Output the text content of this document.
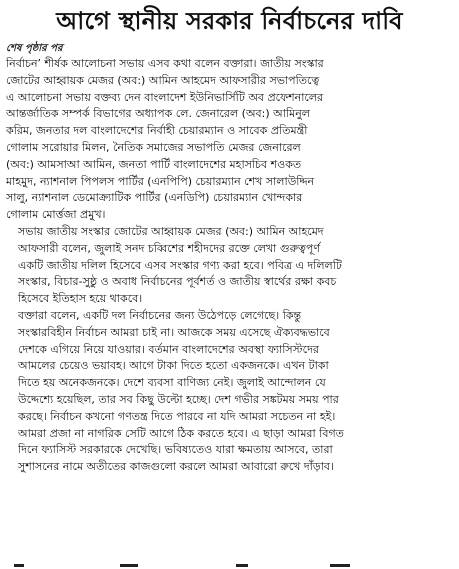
আগে স্থানীয় সরকার নির্বাচনের দাবি
শেষ পৃষ্ঠার পর
নির্বাচন’ শীর্ষক আলোচনা সভায় এসব কথা বলেন বক্তারা। জাতীয় সংস্কার
জোটের আহ্বায়ক মেজর (অব:) আমিন আহমেদ আফসারীর সভাপতিত্বে
এ আলোচনা সভায় বক্তব্য দেন বাংলাদেশ ইউনিভার্সিটি অব প্রফেশনালের
আন্তর্জাতিক সম্পর্ক বিভাগের অধ্যাপক লে. জেনারেল (অব:) আমিনুল
করিম, জনতার দল বাংলাদেশের নির্বাহী চেয়ারম্যান ও সাবেক প্রতিমন্ত্রী
গোলাম সরোয়ার মিলন, নৈতিক সমাজের সভাপতি মেজর জেনারেল
(অব:) আমসাআ আমিন, জনতা পার্টি বাংলাদেশের মহাসচিব শওকত
মাহমুদ, ন্যাশনাল পিপলস পার্টির (এনপিপি) চেয়ারম্যান শেখ সালাউদ্দিন
সালু, ন্যাশনাল ডেমোক্র্যাটিক পার্টির (এনডিপি) চেয়ারম্যান খোন্দকার
গোলাম মোর্ত্তজা প্রমুখ।
সভায় জাতীয় সংস্কার জোটের আহ্বায়ক মেজর (অব:) আমিন আহমেদ
আফসারী বলেন, জুলাই সনদ চব্বিশের শহীদদের রক্তে লেখা গুরুত্বপূর্ণ
একটি জাতীয় দলিল হিসেবে এসব সংস্কার গণ্য করা হবে। পবিত্র এ দলিলটি
সংস্কার, বিচার-সুষ্ঠু ও অবাধ নির্বাচনের পূর্বশর্ত ও জাতীয় স্বার্থের রক্ষা কবচ
হিসেবে ইতিহাস হয়ে থাকবে।
বক্তারা বলেন, একটি দল নির্বাচনের জন্য উঠেপড়ে লেগেছে। কিন্তু
সংস্কারবিহীন নির্বাচন আমরা চাই না। আজকে সময় এসেছে ঐক্যবদ্ধভাবে
দেশকে এগিয়ে নিয়ে যাওয়ার। বর্তমান বাংলাদেশের অবস্থা ফ্যাসিস্টদের
আমলের চেয়েও ভয়াবহ। আগে টাকা দিতে হতো একজনকে। এখন টাকা
দিতে হয় অনেকজনকে। দেশে ব্যবসা বাণিজ্য নেই। জুলাই আন্দোলন যে
উদ্দেশ্যে হয়েছিল, তার সব কিছু উল্টো হচ্ছে। দেশ গভীর সঙ্কটময় সময় পার
করছে। নির্বাচন কখনো গণতন্ত্র দিতে পারবে না যদি আমরা সচেতন না হই।
আমরা প্রজা না নাগরিক সেটি আগে ঠিক করতে হবে। এ ছাড়া আমরা বিগত
দিনে ফ্যাসিস্ট সরকারকে দেখেছি। ভবিষ্যতেও যারা ক্ষমতায় আসবে, তারা
সুশাসনের নামে অতীতের কাজগুলো করলে আমরা আবারো রুখে দাঁড়াব।
